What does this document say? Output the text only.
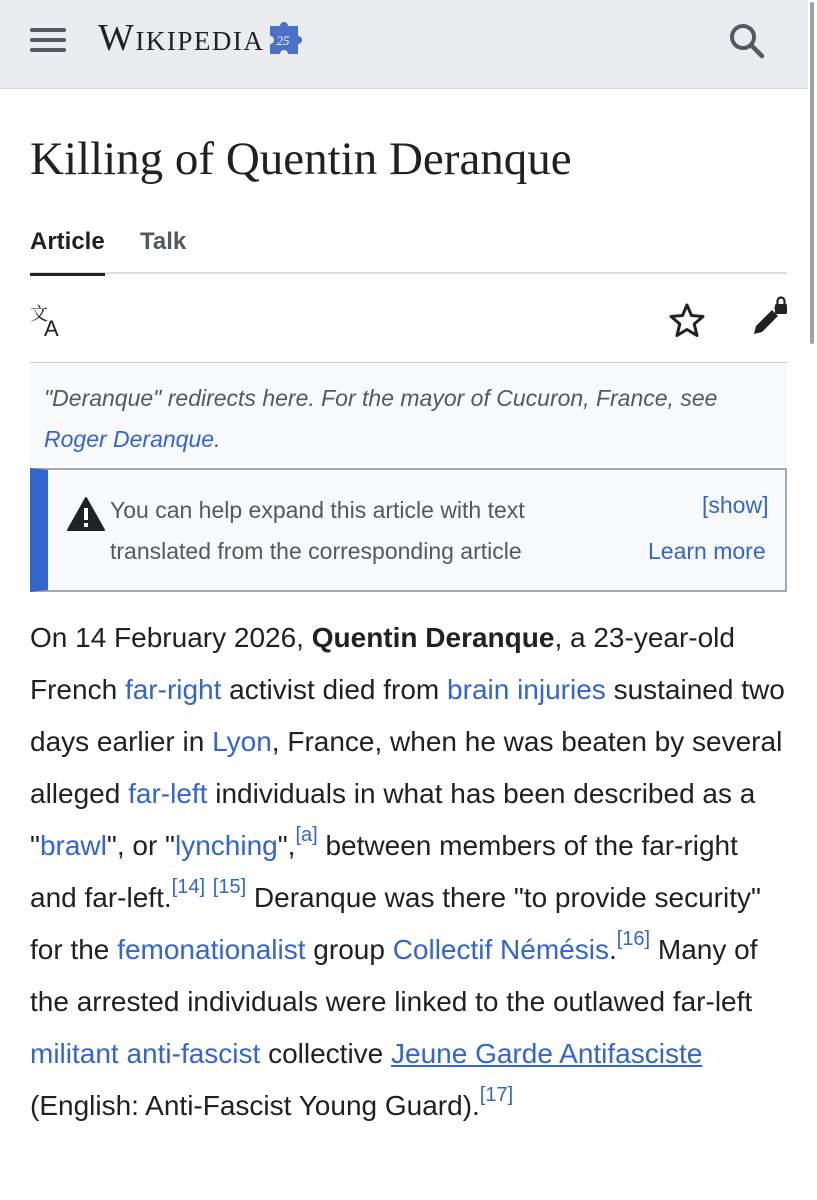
Wikipedia 25
Killing of Quentin Deranque
Article Talk
文
A
"Deranque" redirects here. For the mayor of Cucuron, France, see Roger Deranque.
You can help expand this article with text
translated from the corresponding article
[show]
Learn more

On 14 February 2026, Quentin Deranque, a 23-year-old French far-right activist died from brain injuries sustained two days earlier in Lyon, France, when he was beaten by several alleged far-left individuals in what has been described as a "brawl", or "lynching",[a] between members of the far-right and far-left.[14] [15] Deranque was there "to provide security" for the femonationalist group Collectif Némésis.[16] Many of the arrested individuals were linked to the outlawed far-left militant anti-fascist collective Jeune Garde Antifasciste (English: Anti-Fascist Young Guard).[17]
